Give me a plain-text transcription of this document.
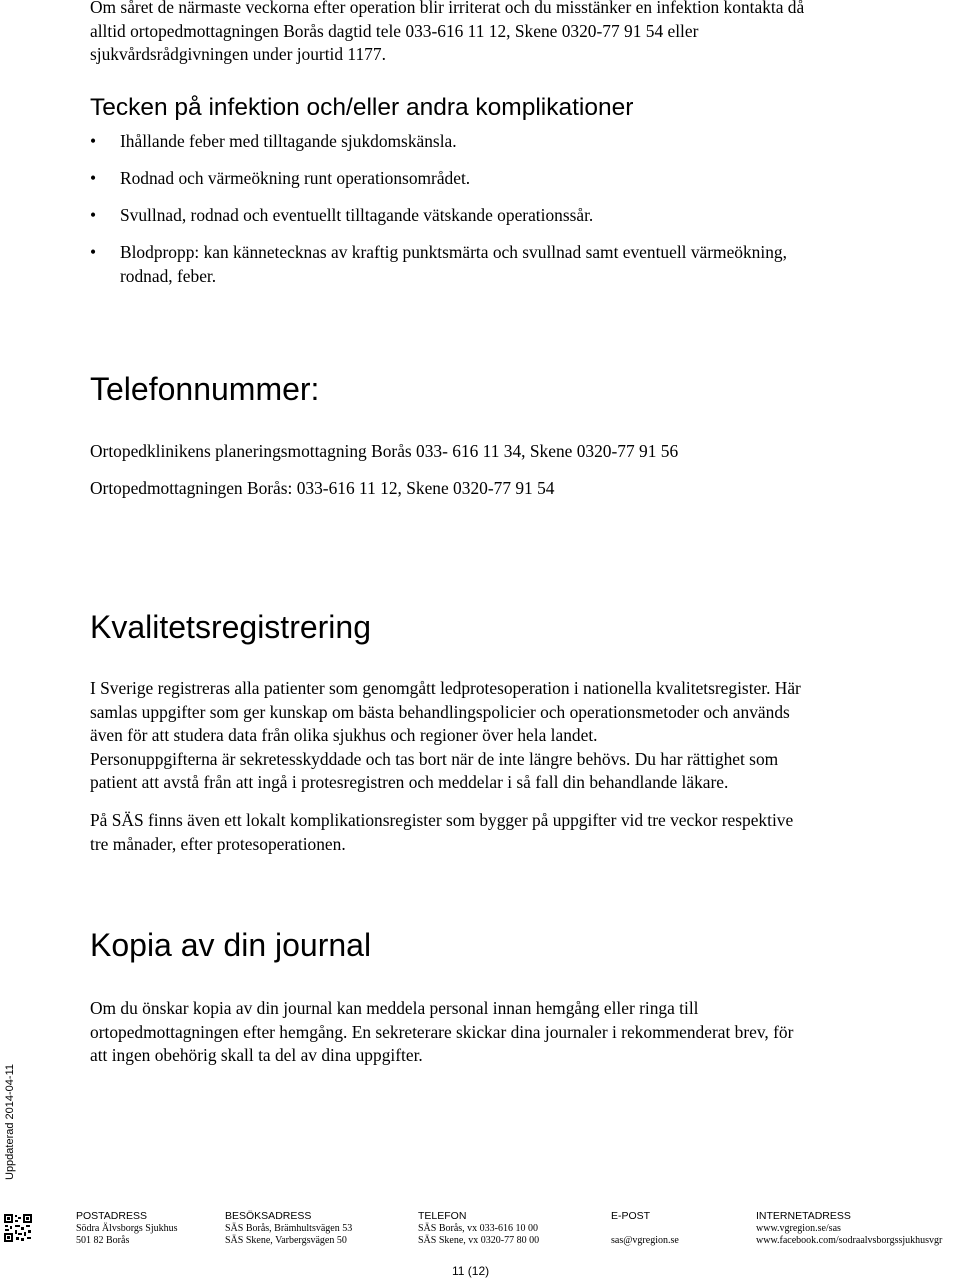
Om såret de närmaste veckorna efter operation blir irriterat och du misstänker en infektion kontakta då
alltid ortopedmottagningen Borås dagtid tele 033-616 11 12, Skene 0320-77 91 54 eller
sjukvårdsrådgivningen under jourtid 1177.
Tecken på infektion och/eller andra komplikationer
• Ihållande feber med tilltagande sjukdomskänsla.
• Rodnad och värmeökning runt operationsområdet.
• Svullnad, rodnad och eventuellt tilltagande vätskande operationssår.
• Blodpropp: kan kännetecknas av kraftig punktsmärta och svullnad samt eventuell värmeökning,
rodnad, feber.
Telefonnummer:

Ortopedklinikens planeringsmottagning Borås 033- 616 11 34, Skene 0320-77 91 56

Ortopedmottagningen Borås: 033-616 11 12, Skene 0320-77 91 54

Kvalitetsregistrering
I Sverige registreras alla patienter som genomgått ledprotesoperation i nationella kvalitetsregister. Här
samlas uppgifter som ger kunskap om bästa behandlingspolicier och operationsmetoder och används
även för att studera data från olika sjukhus och regioner över hela landet.
Personuppgifterna är sekretesskyddade och tas bort när de inte längre behövs. Du har rättighet som
patient att avstå från att ingå i protesregistren och meddelar i så fall din behandlande läkare.
På SÄS finns även ett lokalt komplikationsregister som bygger på uppgifter vid tre veckor respektive
tre månader, efter protesoperationen.
Kopia av din journal
Om du önskar kopia av din journal kan meddela personal innan hemgång eller ringa till
ortopedmottagningen efter hemgång. En sekreterare skickar dina journaler i rekommenderat brev, för
att ingen obehörig skall ta del av dina uppgifter.
Uppdaterad 2014-04-11
POSTADRESS
Södra Älvsborgs Sjukhus
501 82 Borås
BESÖKSADRESS
SÄS Borås, Brämhultsvägen 53
SÄS Skene, Varbergsvägen 50
TELEFON
SÄS Borås, vx 033-616 10 00
SÄS Skene, vx 0320-77 80 00
E-POST
sas@vgregion.se
INTERNETADRESS
www.vgregion.se/sas
www.facebook.com/sodraalvsborgssjukhusvgr
11 (12)
